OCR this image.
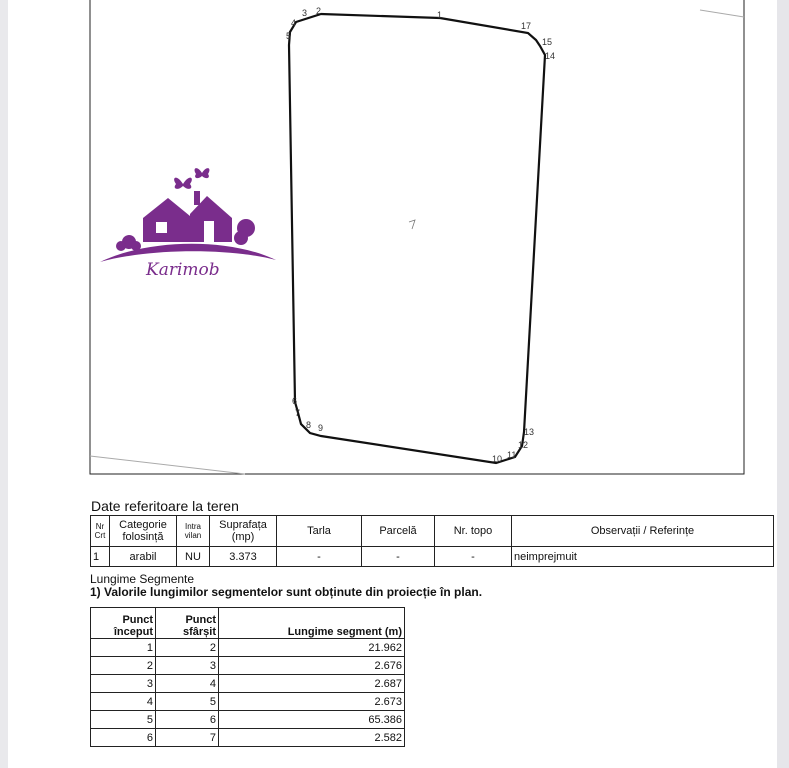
1
2
3
4
5
6
7
8 9
10 11
12
13
14
15
17
Karimob
Date referitoare la teren
Nr Crt	Categorie folosință	Intra vilan	Suprafața (mp)	Tarla	Parcelă	Nr. topo	Observații / Referințe
1	arabil	NU	3.373	-	-	-	neimprejmuit
Lungime Segmente
1) Valorile lungimilor segmentelor sunt obținute din proiecție în plan.
Punct început	Punct sfârșit	Lungime segment (m)
1	2	21.962
2	3	2.676
3	4	2.687
4	5	2.673
5	6	65.386
6	7	2.582
